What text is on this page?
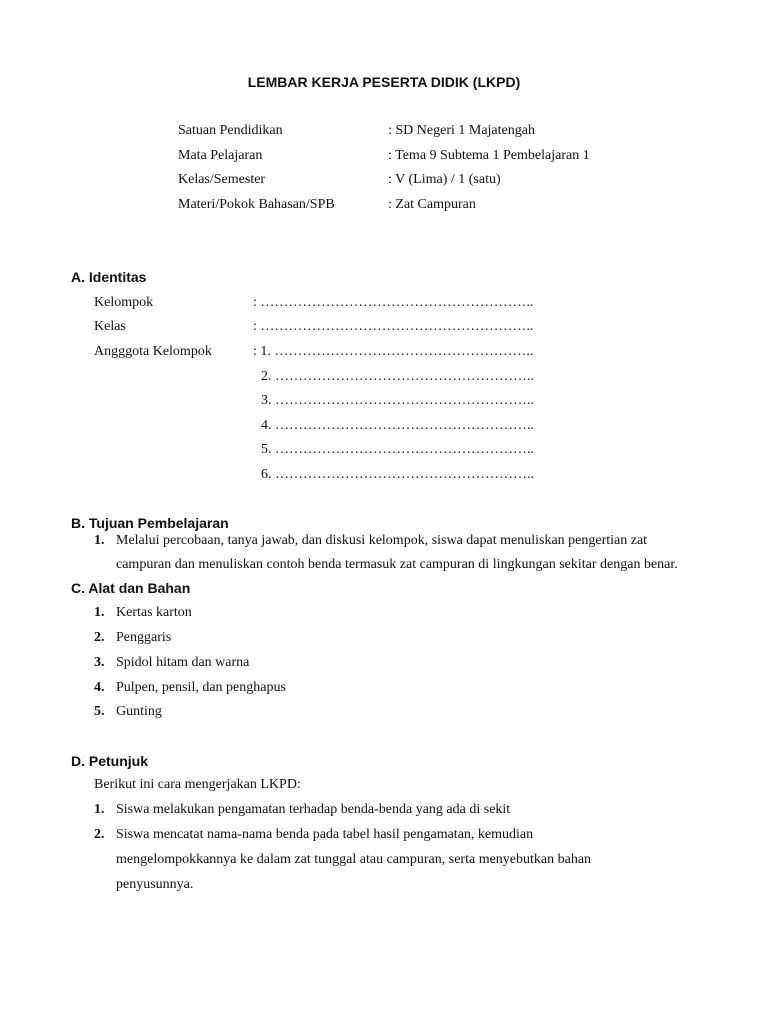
LEMBAR KERJA PESERTA DIDIK (LKPD)
Satuan Pendidikan	: SD Negeri 1 Majatengah
Mata Pelajaran	: Tema 9 Subtema 1 Pembelajaran 1
Kelas/Semester	: V (Lima) / 1 (satu)
Materi/Pokok Bahasan/SPB	: Zat Campuran
A. Identitas
Kelompok	: …………………………………………………..
Kelas	: …………………………………………………..
Angggota Kelompok	: 1. ………………………………………………..
2. ………………………………………………..
3. ………………………………………………..
4. ………………………………………………..
5. ………………………………………………..
6. ………………………………………………..
B. Tujuan Pembelajaran
1. Melalui percobaan, tanya jawab, dan diskusi kelompok, siswa dapat menuliskan pengertian zat
campuran dan menuliskan contoh benda termasuk zat campuran di lingkungan sekitar dengan benar.
C. Alat dan Bahan
1. Kertas karton
2. Penggaris
3. Spidol hitam dan warna
4. Pulpen, pensil, dan penghapus
5. Gunting
D. Petunjuk
Berikut ini cara mengerjakan LKPD:
1. Siswa melakukan pengamatan terhadap benda-benda yang ada di sekit
2. Siswa mencatat nama-nama benda pada tabel hasil pengamatan, kemudian
mengelompokkannya ke dalam zat tunggal atau campuran, serta menyebutkan bahan
penyusunnya.
